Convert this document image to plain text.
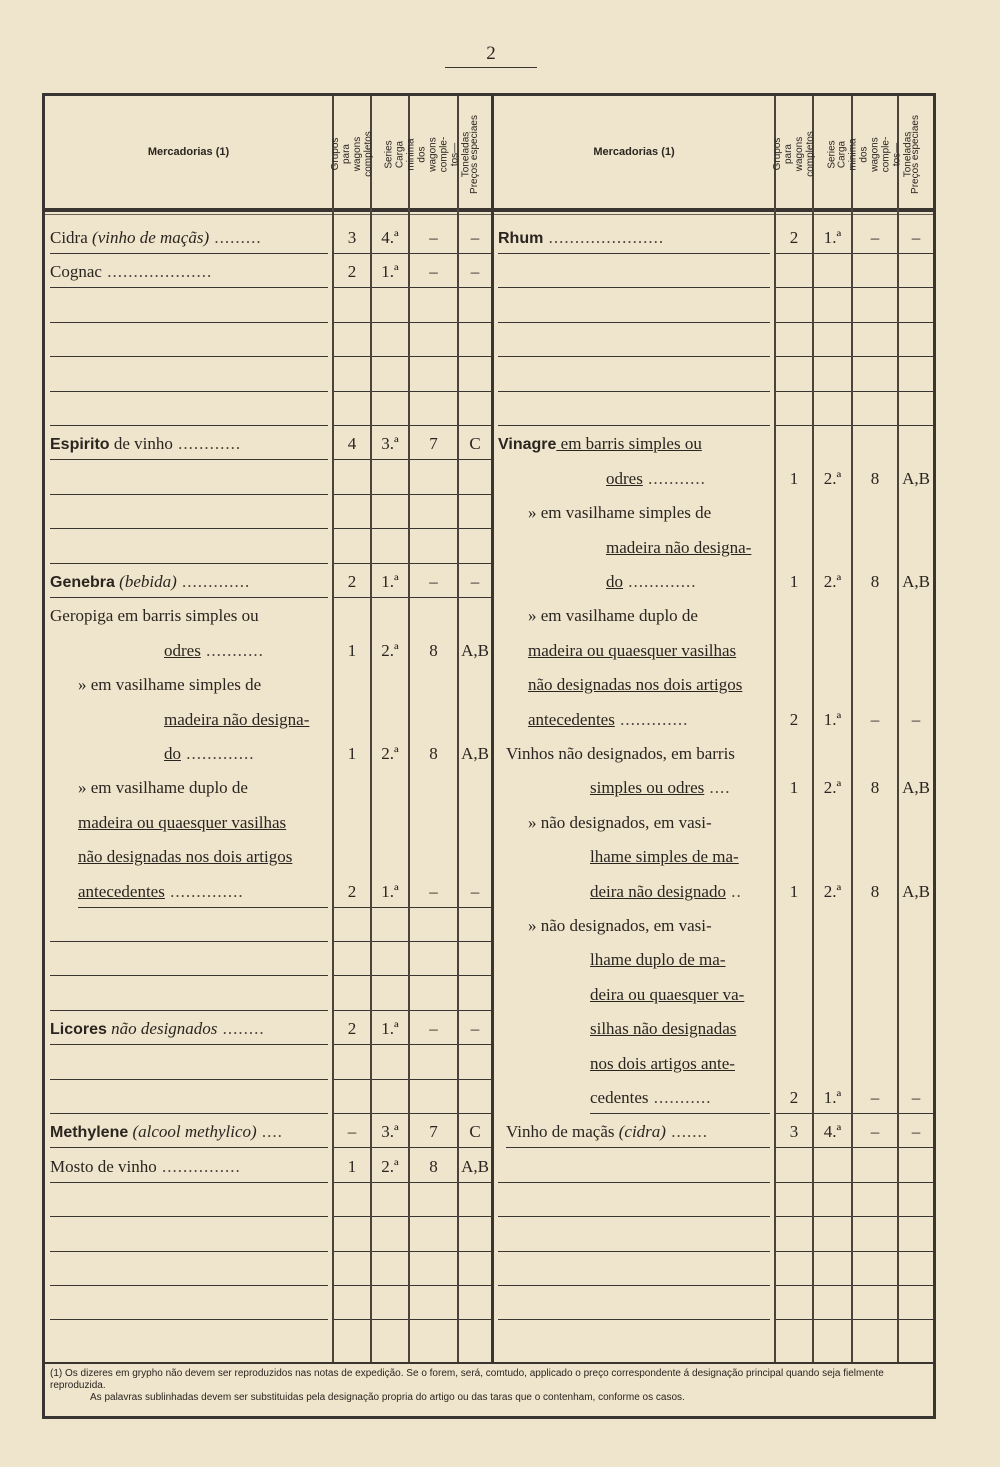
2
Mercadorias (1)	Mercadorias (1)
Grupos para wagons completos Series Carga minima dos wagons comple-tos—Toneladas
Preços especiaes	Grupos para wagons completos Series
Carga minima dos wagons comple-tos—Toneladas
Preços especiaes
Cidra (vinho de maçãs) .........	3	4.ª	–	–
Cognac ....................	2	1.ª	–	–
Espirito de vinho ............	4	3.ª	7	C
Genebra (bebida) .............	2	1.ª	–	–
Geropiga em barris simples ou
odres ...........	1	2.ª	8	A,B
» em vasilhame simples de
madeira não designa-
do .............	1	2.ª	8	A,B
» em vasilhame duplo de
madeira ou quaesquer vasilhas
não designadas nos dois artigos
antecedentes ..............	2	1.ª	–	–
Licores não designados ........	2	1.ª	–	–
Methylene (alcool methylico) ....	–	3.ª	7	C
Mosto de vinho ...............	1	2.ª	8	A,B
Rhum ......................	2	1.ª	–	–
Vinagre em barris simples ou
odres ...........	1	2.ª	8	A,B
» em vasilhame simples de
madeira não designa-
do .............	1	2.ª	8	A,B
» em vasilhame duplo de
madeira ou quaesquer vasilhas
não designadas nos dois artigos
antecedentes .............	2	1.ª	–	–
Vinhos não designados, em barris
simples ou odres ....	1	2.ª	8	A,B
» não designados, em vasi-
lhame simples de ma-
deira não designado ..	1	2.ª	8	A,B
» não designados, em vasi-
lhame duplo de ma-
deira ou quaesquer va-
silhas não designadas
nos dois artigos ante-
cedentes ...........	2	1.ª	–	–
Vinho de maçãs (cidra) .......	3	4.ª	–	–
(1) Os dizeres em grypho não devem ser reproduzidos nas notas de expedição. Se o forem, será, comtudo, applicado o preço correspondente á designação principal quando seja fielmente reproduzida.
As palavras sublinhadas devem ser substituidas pela designação propria do artigo ou das taras que o contenham, conforme os casos.
